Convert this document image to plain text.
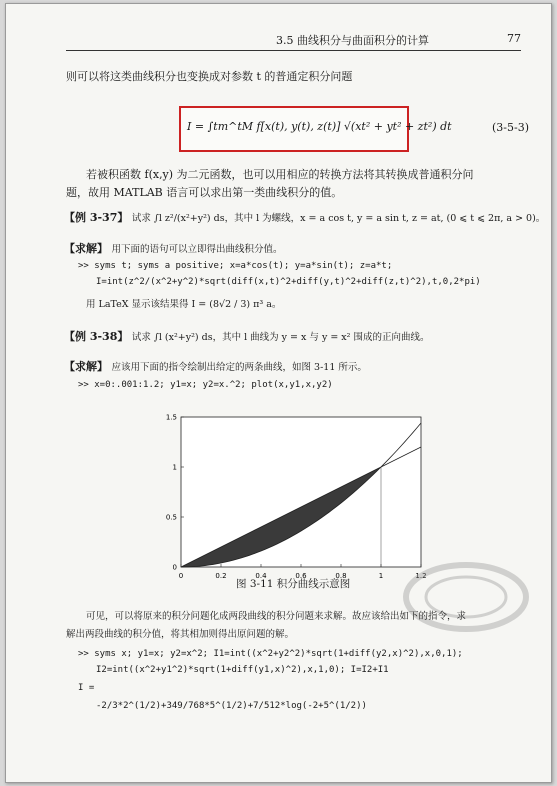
3.5 曲线积分与曲面积分的计算	77
则可以将这类曲线积分也变换成对参数 t 的普通定积分问题
I = ∫tm^tM f[x(t), y(t), z(t)] √(xt² + yt² + zt²) dt	(3-5-3)
若被积函数 f(x,y) 为二元函数，也可以用相应的转换方法将其转换成普通积分问
题，故用 MATLAB 语言可以求出第一类曲线积分的值。
【例 3-37】 试求 ∫l z²/(x²+y²) ds，其中 l 为螺线，x = a cos t, y = a sin t, z = at, (0 ⩽ t ⩽ 2π, a > 0)。
【求解】 用下面的语句可以立即得出曲线积分值。
>> syms t; syms a positive; x=a*cos(t); y=a*sin(t); z=a*t;
I=int(z^2/(x^2+y^2)*sqrt(diff(x,t)^2+diff(y,t)^2+diff(z,t)^2),t,0,2*pi)
用 LaTeX 显示该结果得 I = (8√2 / 3) π³ a。
【例 3-38】 试求 ∫l (x²+y²) ds，其中 l 曲线为 y = x 与 y = x² 围成的正向曲线。
【求解】 应该用下面的指令绘制出给定的两条曲线，如图 3-11 所示。
>> x=0:.001:1.2; y1=x; y2=x.^2; plot(x,y1,x,y2)
0	0.2	0.4	0.6	0.8	1	1.2
0
0.5
1
1.5
图 3-11 积分曲线示意图
可见，可以将原来的积分问题化成两段曲线的积分问题来求解。故应该给出如下的指令，求
解出两段曲线的积分值，将其相加则得出原问题的解。
>> syms x; y1=x; y2=x^2; I1=int((x^2+y2^2)*sqrt(1+diff(y2,x)^2),x,0,1);
I2=int((x^2+y1^2)*sqrt(1+diff(y1,x)^2),x,1,0); I=I2+I1
I =
-2/3*2^(1/2)+349/768*5^(1/2)+7/512*log(-2+5^(1/2))
